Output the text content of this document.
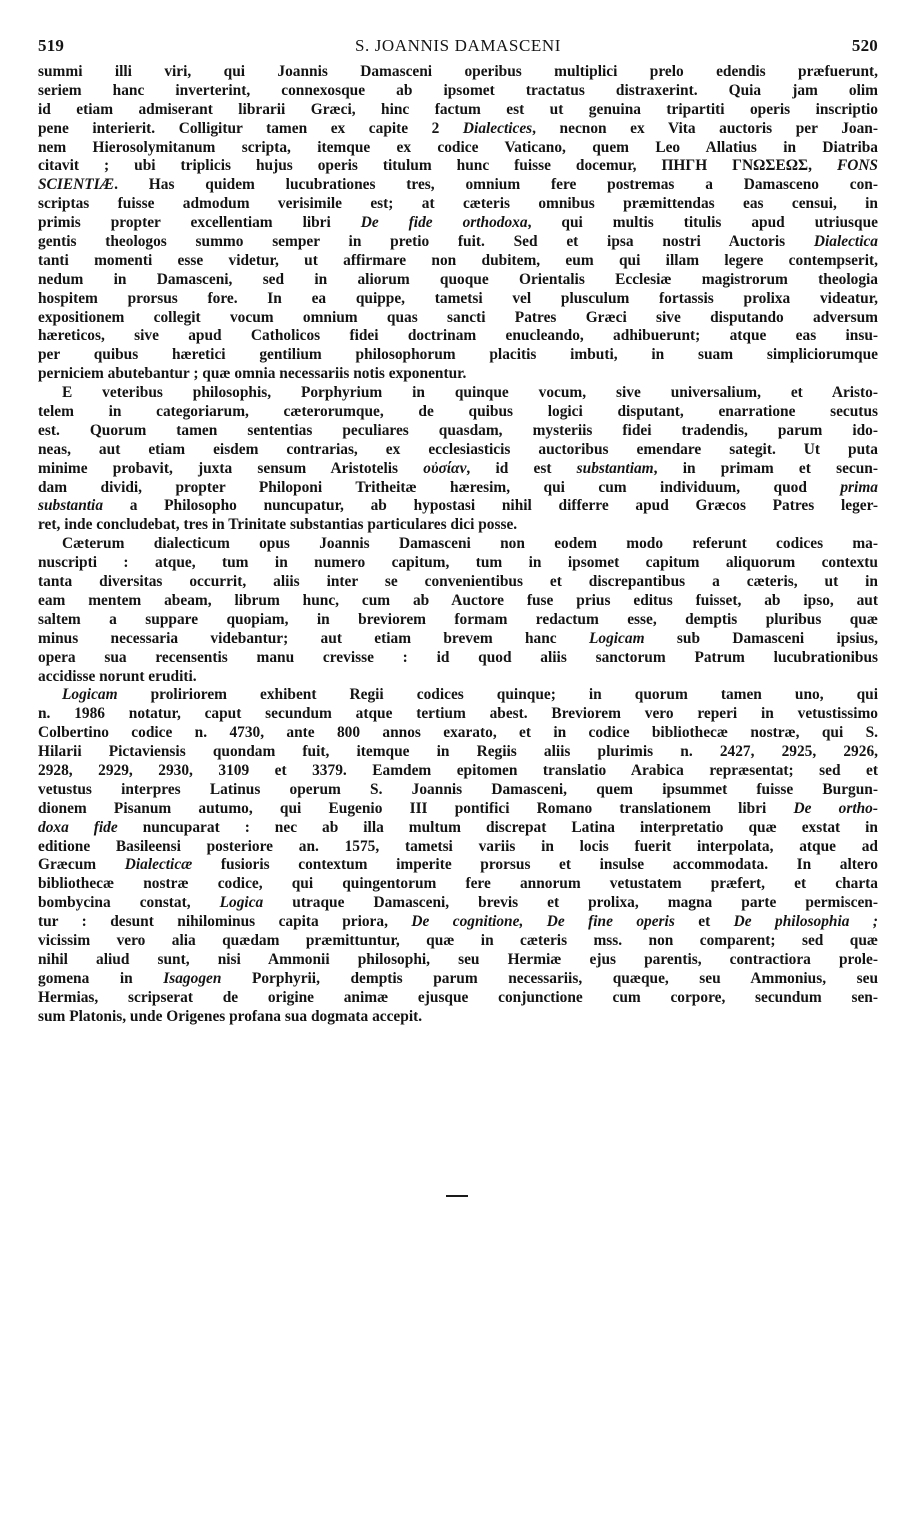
519	S. JOANNIS DAMASCENI	520
summi illi viri, qui Joannis Damasceni operibus multiplici prelo edendis præfuerunt,
seriem hanc inverterint, connexosque ab ipsomet tractatus distraxerint. Quia jam olim
id etiam admiserant librarii Græci, hinc factum est ut genuina tripartiti operis inscriptio
pene interierit. Colligitur tamen ex capite 2 Dialectices, necnon ex Vita auctoris per Joan-
nem Hierosolymitanum scripta, itemque ex codice Vaticano, quem Leo Allatius in Diatriba
citavit ; ubi triplicis hujus operis titulum hunc fuisse docemur, ΠΗΓΗ ΓΝΩΣΕΩΣ, FONS
SCIENTIÆ. Has quidem lucubrationes tres, omnium fere postremas a Damasceno con-
scriptas fuisse admodum verisimile est; at cæteris omnibus præmittendas eas censui, in
primis propter excellentiam libri De fide orthodoxa, qui multis titulis apud utriusque
gentis theologos summo semper in pretio fuit. Sed et ipsa nostri Auctoris Dialectica
tanti momenti esse videtur, ut affirmare non dubitem, eum qui illam legere contempserit,
nedum in Damasceni, sed in aliorum quoque Orientalis Ecclesiæ magistrorum theologia
hospitem prorsus fore. In ea quippe, tametsi vel plusculum fortassis prolixa videatur,
expositionem collegit vocum omnium quas sancti Patres Græci sive disputando adversum
hæreticos, sive apud Catholicos fidei doctrinam enucleando, adhibuerunt; atque eas insu-
per quibus hæretici gentilium philosophorum placitis imbuti, in suam simpliciorumque
perniciem abutebantur ; quæ omnia necessariis notis exponentur.
E veteribus philosophis, Porphyrium in quinque vocum, sive universalium, et Aristo-
telem in categoriarum, cæterorumque, de quibus logici disputant, enarratione secutus
est. Quorum tamen sententias peculiares quasdam, mysteriis fidei tradendis, parum ido-
neas, aut etiam eisdem contrarias, ex ecclesiasticis auctoribus emendare sategit. Ut puta
minime probavit, juxta sensum Aristotelis οὐσίαν, id est substantiam, in primam et secun-
dam dividi, propter Philoponi Tritheitæ hæresim, qui cum individuum, quod prima
substantia a Philosopho nuncupatur, ab hypostasi nihil differre apud Græcos Patres leger-
ret, inde concludebat, tres in Trinitate substantias particulares dici posse.
Cæterum dialecticum opus Joannis Damasceni non eodem modo referunt codices ma-
nuscripti : atque, tum in numero capitum, tum in ipsomet capitum aliquorum contextu
tanta diversitas occurrit, aliis inter se convenientibus et discrepantibus a cæteris, ut in
eam mentem abeam, librum hunc, cum ab Auctore fuse prius editus fuisset, ab ipso, aut
saltem a suppare quopiam, in breviorem formam redactum esse, demptis pluribus quæ
minus necessaria videbantur; aut etiam brevem hanc Logicam sub Damasceni ipsius,
opera sua recensentis manu crevisse : id quod aliis sanctorum Patrum lucubrationibus
accidisse norunt eruditi.
Logicam proliriorem exhibent Regii codices quinque; in quorum tamen uno, qui
n. 1986 notatur, caput secundum atque tertium abest. Breviorem vero reperi in vetustissimo
Colbertino codice n. 4730, ante 800 annos exarato, et in codice bibliothecæ nostræ, qui S.
Hilarii Pictaviensis quondam fuit, itemque in Regiis aliis plurimis n. 2427, 2925, 2926,
2928, 2929, 2930, 3109 et 3379. Eamdem epitomen translatio Arabica repræsentat; sed et
vetustus interpres Latinus operum S. Joannis Damasceni, quem ipsummet fuisse Burgun-
dionem Pisanum autumo, qui Eugenio III pontifici Romano translationem libri De ortho-
doxa fide nuncuparat : nec ab illa multum discrepat Latina interpretatio quæ exstat in
editione Basileensi posteriore an. 1575, tametsi variis in locis fuerit interpolata, atque ad
Græcum Dialecticæ fusioris contextum imperite prorsus et insulse accommodata. In altero
bibliothecæ nostræ codice, qui quingentorum fere annorum vetustatem præfert, et charta
bombycina constat, Logica utraque Damasceni, brevis et prolixa, magna parte permiscen-
tur : desunt nihilominus capita priora, De cognitione, De fine operis et De philosophia ;
vicissim vero alia quædam præmittuntur, quæ in cæteris mss. non comparent; sed quæ
nihil aliud sunt, nisi Ammonii philosophi, seu Hermiæ ejus parentis, contractiora prole-
gomena in Isagogen Porphyrii, demptis parum necessariis, quæque, seu Ammonius, seu
Hermias, scripserat de origine animæ ejusque conjunctione cum corpore, secundum sen-
sum Platonis, unde Origenes profana sua dogmata accepit.
